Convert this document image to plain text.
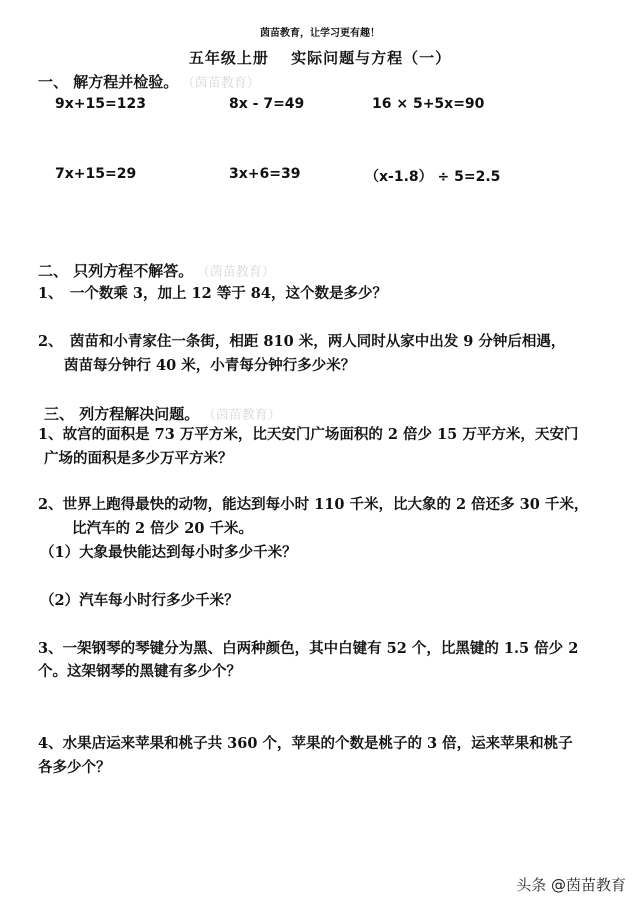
茵苗教育，让学习更有趣！
五年级上册　 实际问题与方程（一）
一、 解方程并检验。 （茵苗教育）
9x+15=123	8x - 7=49	16 × 5+5x=90
7x+15=29	3x+6=39	（x-1.8） ÷ 5=2.5
二、 只列方程不解答。 （茵苗教育）
1、　一个数乘 3，加上 12 等于 84，这个数是多少？
2、　茵苗和小青家住一条街，相距 810 米，两人同时从家中出发 9 分钟后相遇，
茵苗每分钟行 40 米，小青每分钟行多少米？
三、 列方程解决问题。 （茵苗教育）
1、故宫的面积是 73 万平方米，比天安门广场面积的 2 倍少 15 万平方米，天安门
广场的面积是多少万平方米？
2、世界上跑得最快的动物，能达到每小时 110 千米，比大象的 2 倍还多 30 千米，
比汽车的 2 倍少 20 千米。
（1）大象最快能达到每小时多少千米？
（2）汽车每小时行多少千米？
3、一架钢琴的琴键分为黑、白两种颜色，其中白键有 52 个，比黑键的 1.5 倍少 2
个。这架钢琴的黑键有多少个？
4、水果店运来苹果和桃子共 360 个，苹果的个数是桃子的 3 倍，运来苹果和桃子
各多少个？
头条 @茵苗教育
